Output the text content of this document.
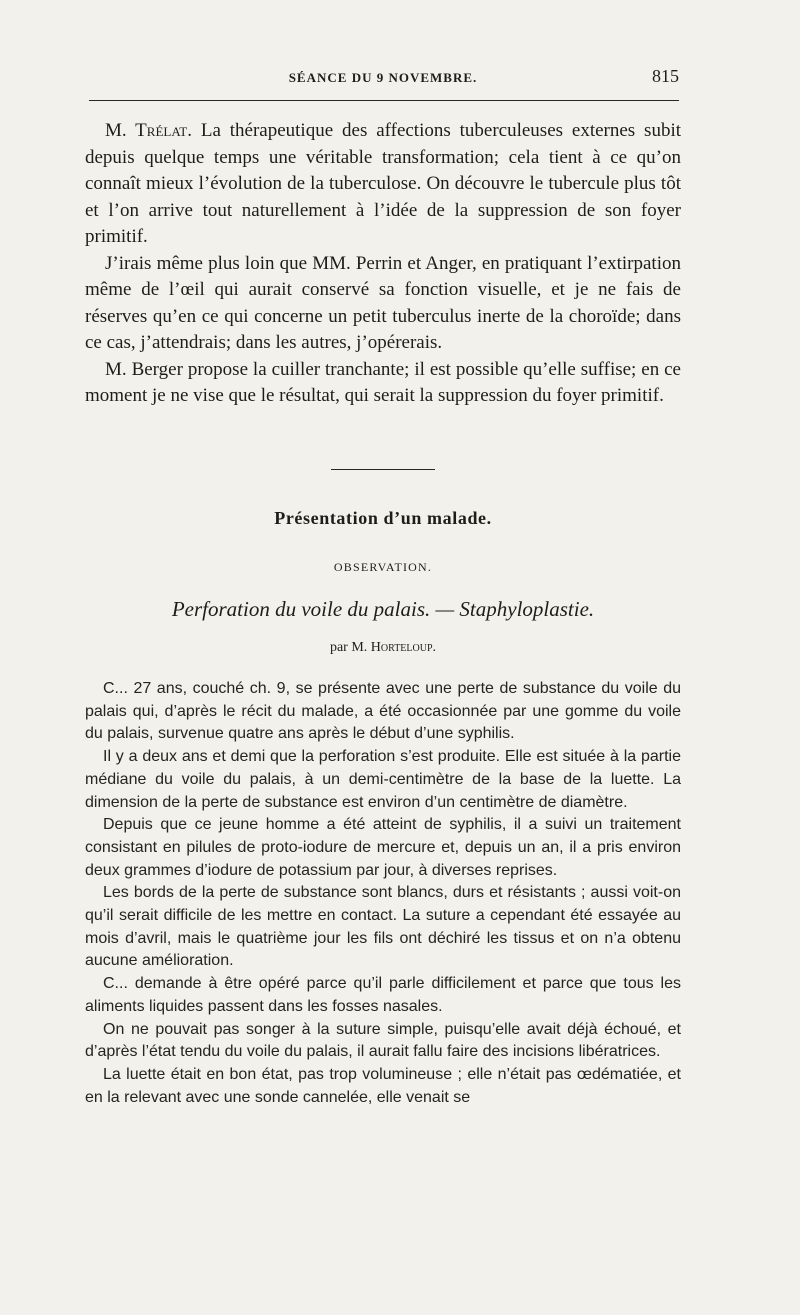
SÉANCE DU 9 NOVEMBRE.	815

M. Trélat. La thérapeutique des affections tuberculeuses externes subit depuis quelque temps une véritable transformation; cela tient à ce qu’on connaît mieux l’évolution de la tuberculose. On découvre le tubercule plus tôt et l’on arrive tout naturellement à l’idée de la suppression de son foyer primitif.

J’irais même plus loin que MM. Perrin et Anger, en pratiquant l’extirpation même de l’œil qui aurait conservé sa fonction visuelle, et je ne fais de réserves qu’en ce qui concerne un petit tuberculus inerte de la choroïde; dans ce cas, j’attendrais; dans les autres, j’opérerais.

M. Berger propose la cuiller tranchante; il est possible qu’elle suffise; en ce moment je ne vise que le résultat, qui serait la suppression du foyer primitif.

Présentation d’un malade.
OBSERVATION.
Perforation du voile du palais. — Staphyloplastie.
par M. Horteloup.

C... 27 ans, couché ch. 9, se présente avec une perte de substance du voile du palais qui, d’après le récit du malade, a été occasionnée par une gomme du voile du palais, survenue quatre ans après le début d’une syphilis.

Il y a deux ans et demi que la perforation s’est produite. Elle est située à la partie médiane du voile du palais, à un demi-centimètre de la base de la luette. La dimension de la perte de substance est environ d’un centimètre de diamètre.

Depuis que ce jeune homme a été atteint de syphilis, il a suivi un traitement consistant en pilules de proto-iodure de mercure et, depuis un an, il a pris environ deux grammes d’iodure de potassium par jour, à diverses reprises.

Les bords de la perte de substance sont blancs, durs et résistants ; aussi voit-on qu’il serait difficile de les mettre en contact. La suture a cependant été essayée au mois d’avril, mais le quatrième jour les fils ont déchiré les tissus et on n’a obtenu aucune amélioration.

C... demande à être opéré parce qu’il parle difficilement et parce que tous les aliments liquides passent dans les fosses nasales.

On ne pouvait pas songer à la suture simple, puisqu’elle avait déjà échoué, et d’après l’état tendu du voile du palais, il aurait fallu faire des incisions libératrices.

La luette était en bon état, pas trop volumineuse ; elle n’était pas œdématiée, et en la relevant avec une sonde cannelée, elle venait se
